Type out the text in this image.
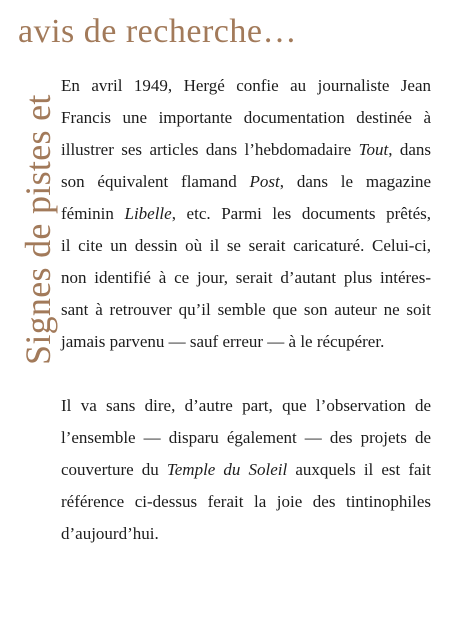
avis de recherche…
Signes de pistes et

En avril 1949, Hergé confie au journaliste Jean
Francis une importante documentation destinée à
illustrer ses articles dans l’hebdomadaire Tout, dans
son équivalent flamand Post, dans le magazine
féminin Libelle, etc. Parmi les documents prêtés,
il cite un dessin où il se serait caricaturé. Celui-ci,
non identifié à ce jour, serait d’autant plus intéres-
sant à retrouver qu’il semble que son auteur ne soit
jamais parvenu — sauf erreur — à le récupérer.

Il va sans dire, d’autre part, que l’observation de
l’ensemble — disparu également — des projets de
couverture du Temple du Soleil auxquels il est fait
référence ci-dessus ferait la joie des tintinophiles
d’aujourd’hui.
